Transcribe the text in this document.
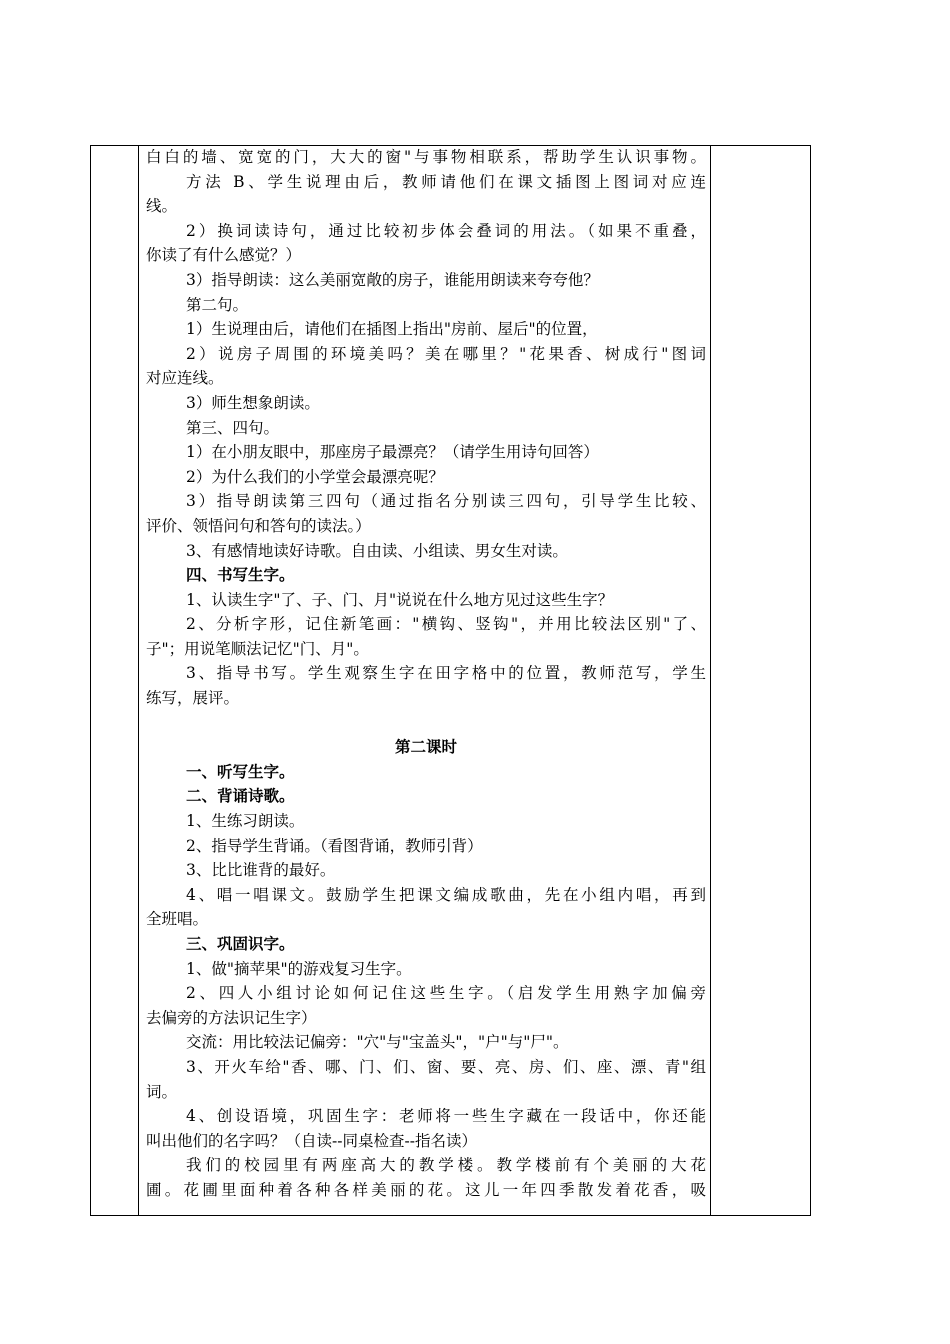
白白的墙、宽宽的门，大大的窗"与事物相联系，帮助学生认识事物。
方法 B、学生说理由后，教师请他们在课文插图上图词对应连
线。
2）换词读诗句，通过比较初步体会叠词的用法。（如果不重叠，
你读了有什么感觉？）
3）指导朗读：这么美丽宽敞的房子，谁能用朗读来夸夸他？
第二句。
1）生说理由后，请他们在插图上指出"房前、屋后"的位置，
2）说房子周围的环境美吗？美在哪里？"花果香、树成行"图词
对应连线。
3）师生想象朗读。
第三、四句。
1）在小朋友眼中，那座房子最漂亮？（请学生用诗句回答）
2）为什么我们的小学堂会最漂亮呢？
3）指导朗读第三四句（通过指名分别读三四句，引导学生比较、
评价、领悟问句和答句的读法。）
3、有感情地读好诗歌。自由读、小组读、男女生对读。
四、书写生字。
1、认读生字"了、子、门、月"说说在什么地方见过这些生字？
2、分析字形，记住新笔画："横钩、竖钩"，并用比较法区别"了、
子"；用说笔顺法记忆"门、月"。
3、指导书写。学生观察生字在田字格中的位置，教师范写，学生
练写，展评。
第二课时
一、听写生字。
二、背诵诗歌。
1、生练习朗读。
2、指导学生背诵。（看图背诵，教师引背）
3、比比谁背的最好。
4、唱一唱课文。鼓励学生把课文编成歌曲，先在小组内唱，再到
全班唱。
三、巩固识字。
1、做"摘苹果"的游戏复习生字。
2、四人小组讨论如何记住这些生字。（启发学生用熟字加偏旁
去偏旁的方法识记生字）
交流：用比较法记偏旁："穴"与"宝盖头"，"户"与"尸"。
3、开火车给"香、哪、门、们、窗、要、亮、房、们、座、漂、青"组
词。
4、创设语境，巩固生字：老师将一些生字藏在一段话中，你还能
叫出他们的名字吗？（自读--同桌检查--指名读）
我们的校园里有两座高大的教学楼。教学楼前有个美丽的大花
圃。花圃里面种着各种各样美丽的花。这儿一年四季散发着花香，吸
